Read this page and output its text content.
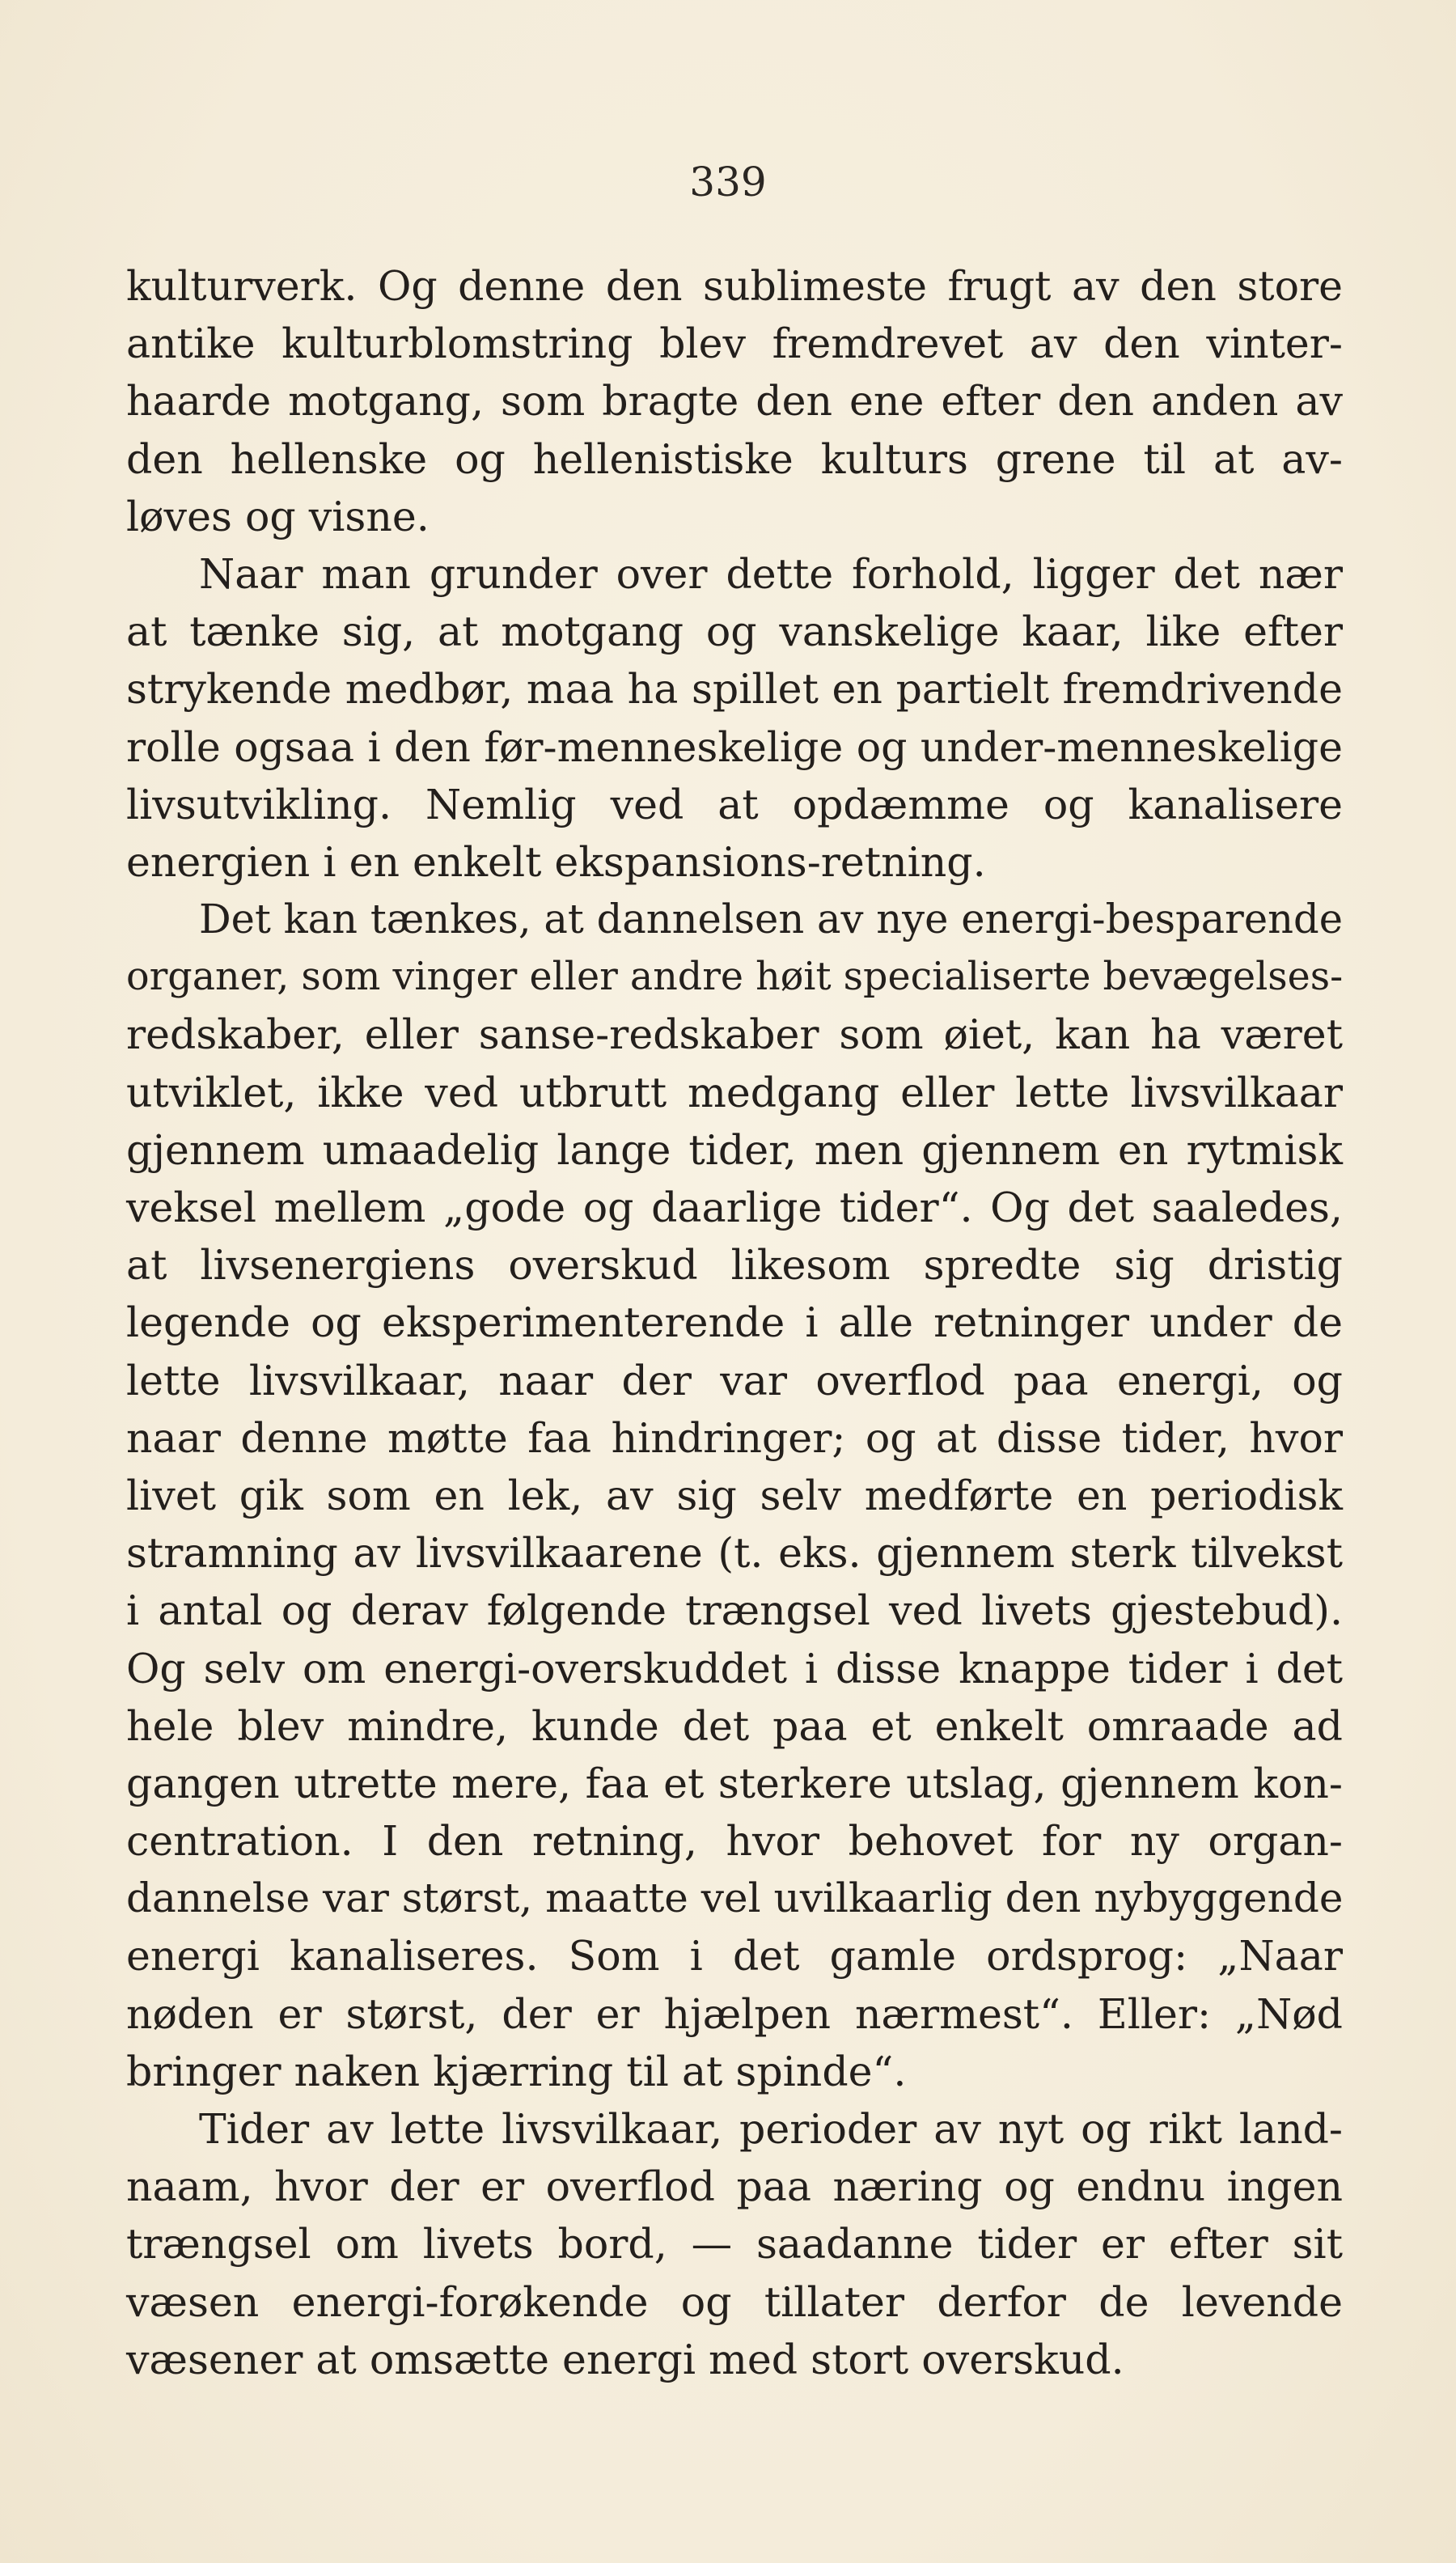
339

kulturverk. Og denne den sublimeste frugt av den store
antike kulturblomstring blev fremdrevet av den vinter-
haarde motgang, som bragte den ene efter den anden av
den hellenske og hellenistiske kulturs grene til at av-
løves og visne.
Naar man grunder over dette forhold, ligger det nær
at tænke sig, at motgang og vanskelige kaar, like efter
strykende medbør, maa ha spillet en partielt fremdrivende
rolle ogsaa i den før-menneskelige og under-menneskelige
livsutvikling. Nemlig ved at opdæmme og kanalisere
energien i en enkelt ekspansions-retning.
Det kan tænkes, at dannelsen av nye energi-besparende
organer, som vinger eller andre høit specialiserte bevægelses-
redskaber, eller sanse-redskaber som øiet, kan ha været
utviklet, ikke ved utbrutt medgang eller lette livsvilkaar
gjennem umaadelig lange tider, men gjennem en rytmisk
veksel mellem „gode og daarlige tider“. Og det saaledes,
at livsenergiens overskud likesom spredte sig dristig
legende og eksperimenterende i alle retninger under de
lette livsvilkaar, naar der var overflod paa energi, og
naar denne møtte faa hindringer; og at disse tider, hvor
livet gik som en lek, av sig selv medførte en periodisk
stramning av livsvilkaarene (t. eks. gjennem sterk tilvekst
i antal og derav følgende trængsel ved livets gjestebud).
Og selv om energi-overskuddet i disse knappe tider i det
hele blev mindre, kunde det paa et enkelt omraade ad
gangen utrette mere, faa et sterkere utslag, gjennem kon-
centration. I den retning, hvor behovet for ny organ-
dannelse var størst, maatte vel uvilkaarlig den nybyggende
energi kanaliseres. Som i det gamle ordsprog: „Naar
nøden er størst, der er hjælpen nærmest“. Eller: „Nød
bringer naken kjærring til at spinde“.
Tider av lette livsvilkaar, perioder av nyt og rikt land-
naam, hvor der er overflod paa næring og endnu ingen
trængsel om livets bord, — saadanne tider er efter sit
væsen energi-forøkende og tillater derfor de levende
væsener at omsætte energi med stort overskud.
